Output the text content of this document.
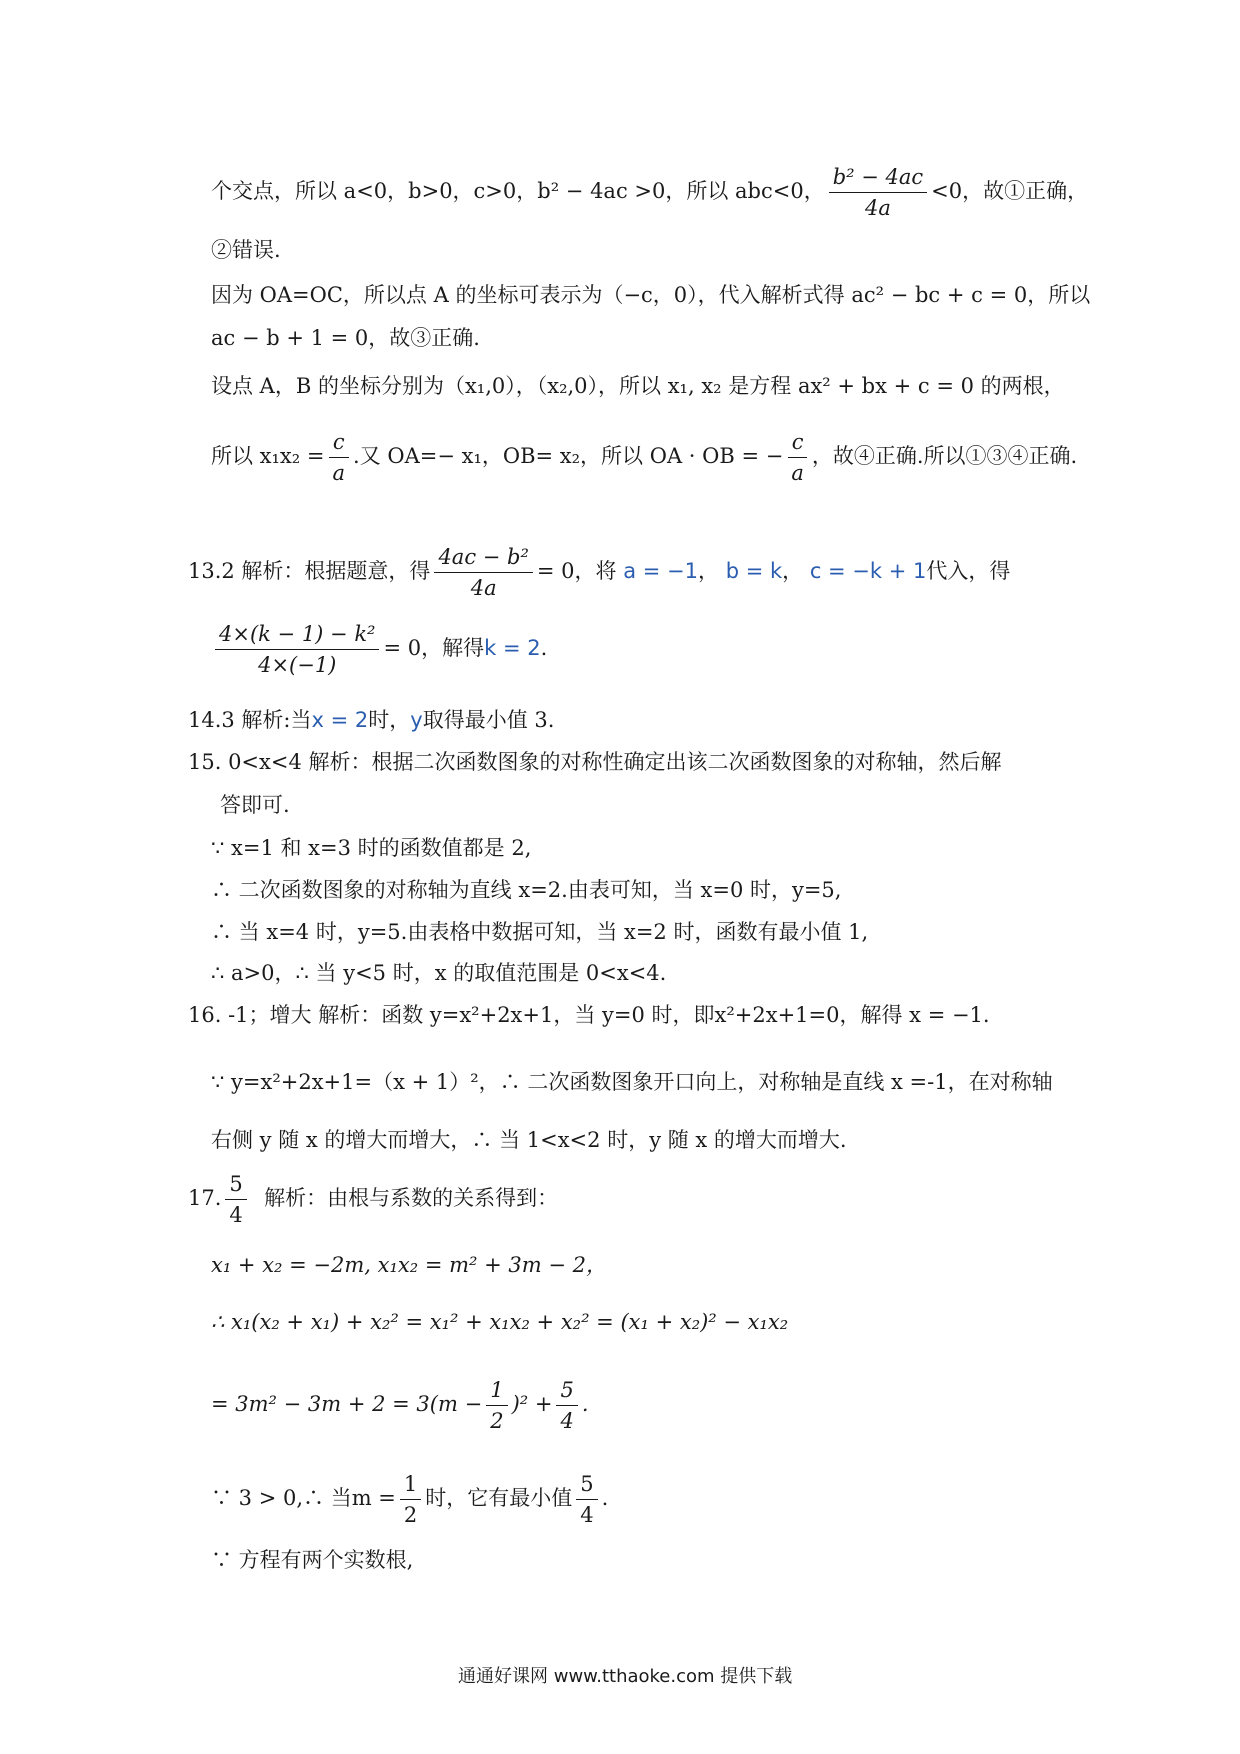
个交点，所以 a<0，b>0，c>0，b² − 4ac >0，所以 abc<0， $\frac{\text{b² − 4ac}}{4a} <0$，故①正确，
②错误.
因为 OA=OC，所以点 A 的坐标可表示为（−c，0），代入解析式得 ac² − bc + c = 0，所以
ac − b + 1 = 0，故③正确.
设点 A，B 的坐标分别为（x₁,0），（x₂,0），所以 x₁, x₂ 是方程 ax² + bx + c = 0 的两根，
所以 $x_1x_2 = \frac{c}{a}$ .又 OA=− x₁，OB= x₂，所以 OA · OB = − $\frac{c}{a}$ ，故④正确.所以①③④正确.
13.2 解析：根据题意，得 $\frac{\text{4ac − b²}}{4a} = 0$，将 a = −1， b = k， c = −k + 1代入，得
$\frac{\text{4×(k − 1) − k²}}{4\times(-1)} = 0$，解得k = 2.
14.3 解析:当x = 2时，y取得最小值 3.
15. 0<x<4 解析：根据二次函数图象的对称性确定出该二次函数图象的对称轴，然后解
答即可.
∵ x=1 和 x=3 时的函数值都是 2,
∴ 二次函数图象的对称轴为直线 x=2.由表可知，当 x=0 时，y=5,
∴ 当 x=4 时，y=5.由表格中数据可知，当 x=2 时，函数有最小值 1,
∴ a>0，∴ 当 y<5 时，x 的取值范围是 0<x<4.
16. -1；增大 解析：函数 y=x²+2x+1，当 y=0 时，即x²+2x+1=0，解得 x = −1.
∵ y=x²+2x+1=（x + 1）²，∴ 二次函数图象开口向上，对称轴是直线 x =-1，在对称轴
右侧 y 随 x 的增大而增大，∴ 当 1<x<2 时，y 随 x 的增大而增大.
17. $\frac{5}{4}$ 解析：由根与系数的关系得到：
x₁ + x₂ = −2m, x₁x₂ = m² + 3m − 2，
∴ x₁(x₂ + x₁) + x₂² = x₁² + x₁x₂ + x₂² = (x₁ + x₂)² − x₁x₂
= $3m^2 - 3m + 2 = 3(m - \frac{1}{2} )^2 + \frac{5}{4}$ .
∵ 3 > 0,∴ 当$m = \frac{1}{2}$ 时，它有最小值 $\frac{5}{4}$ .
∵ 方程有两个实数根,
通通好课网 www.tthaoke.com 提供下载
